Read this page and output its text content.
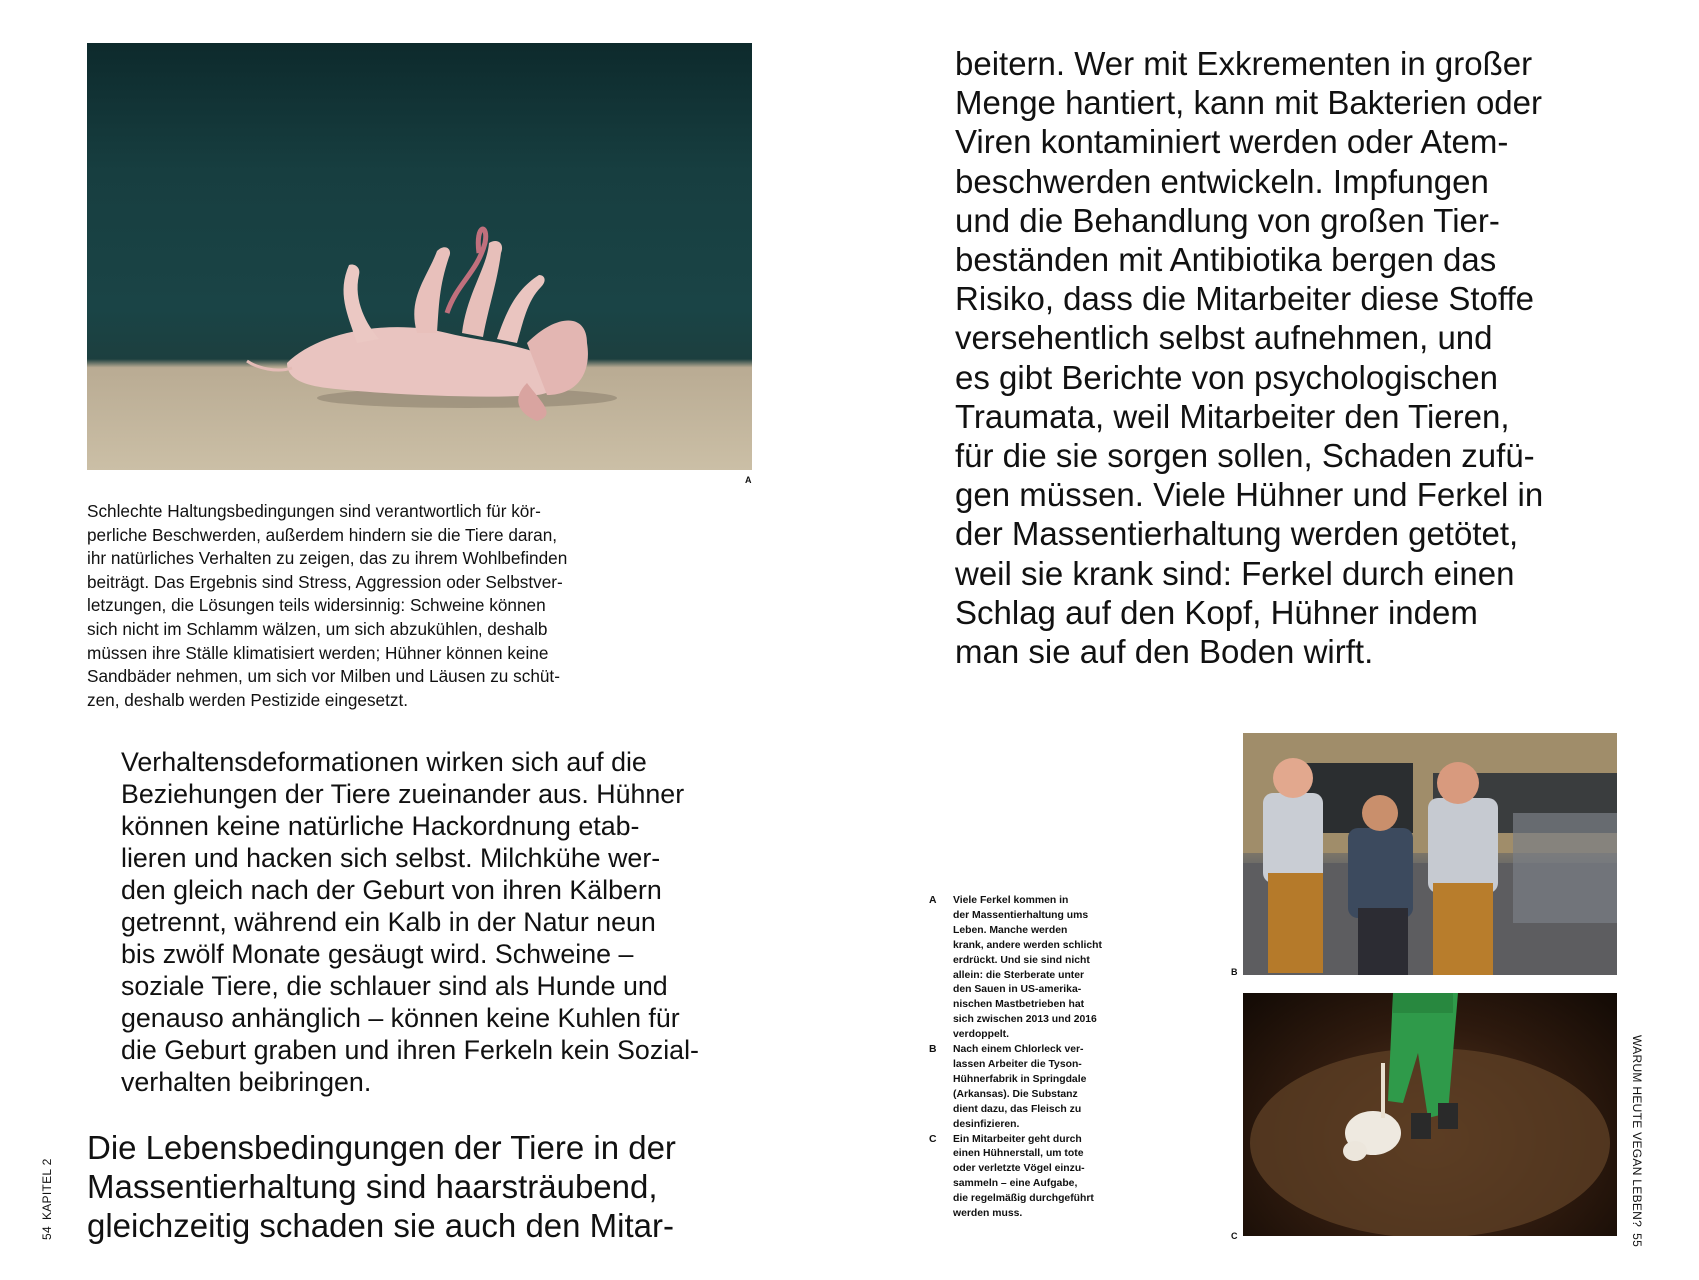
A

Schlechte Haltungsbedingungen sind verantwortlich für kör-

perliche Beschwerden, außerdem hindern sie die Tiere daran,

ihr natürliches Verhalten zu zeigen, das zu ihrem Wohlbefinden

beiträgt. Das Ergebnis sind Stress, Aggression oder Selbstver-

letzungen, die Lösungen teils widersinnig: Schweine können

sich nicht im Schlamm wälzen, um sich abzukühlen, deshalb

müssen ihre Ställe klimatisiert werden; Hühner können keine

Sandbäder nehmen, um sich vor Milben und Läusen zu schüt-

zen, deshalb werden Pestizide eingesetzt.

Verhaltensdeformationen wirken sich auf die

Beziehungen der Tiere zueinander aus. Hühner

können keine natürliche Hackordnung etab-

lieren und hacken sich selbst. Milchkühe wer-

den gleich nach der Geburt von ihren Kälbern

getrennt, während ein Kalb in der Natur neun

bis zwölf Monate gesäugt wird. Schweine –

soziale Tiere, die schlauer sind als Hunde und

genauso anhänglich – können keine Kuhlen für

die Geburt graben und ihren Ferkeln kein Sozial-

verhalten beibringen.

Die Lebensbedingungen der Tiere in der

Massentierhaltung sind haarsträubend,

gleichzeitig schaden sie auch den Mitar-

54KAPITEL 2

beitern. Wer mit Exkrementen in großer

Menge hantiert, kann mit Bakterien oder

Viren kontaminiert werden oder Atem-

beschwerden entwickeln. Impfungen

und die Behandlung von großen Tier-

beständen mit Antibiotika bergen das

Risiko, dass die Mitarbeiter diese Stoffe

versehentlich selbst aufnehmen, und

es gibt Berichte von psychologischen

Traumata, weil Mitarbeiter den Tieren,

für die sie sorgen sollen, Schaden zufü-

gen müssen. Viele Hühner und Ferkel in

der Massentierhaltung werden getötet,

weil sie krank sind: Ferkel durch einen

Schlag auf den Kopf, Hühner indem

man sie auf den Boden wirft.

A	Viele Ferkel kommen in

der Massentierhaltung ums

Leben. Manche werden

krank, andere werden schlicht

erdrückt. Und sie sind nicht

allein: die Sterberate unter

den Sauen in US-amerika-

nischen Mastbetrieben hat

sich zwischen 2013 und 2016

verdoppelt.

B	Nach einem Chlorleck ver-

lassen Arbeiter die Tyson-

Hühnerfabrik in Springdale

(Arkansas). Die Substanz

dient dazu, das Fleisch zu

desinfizieren.

C	Ein Mitarbeiter geht durch

einen Hühnerstall, um tote

oder verletzte Vögel einzu-

sammeln – eine Aufgabe,

die regelmäßig durchgeführt

werden muss.

B
C
WARUM HEUTE VEGAN LEBEN?55
